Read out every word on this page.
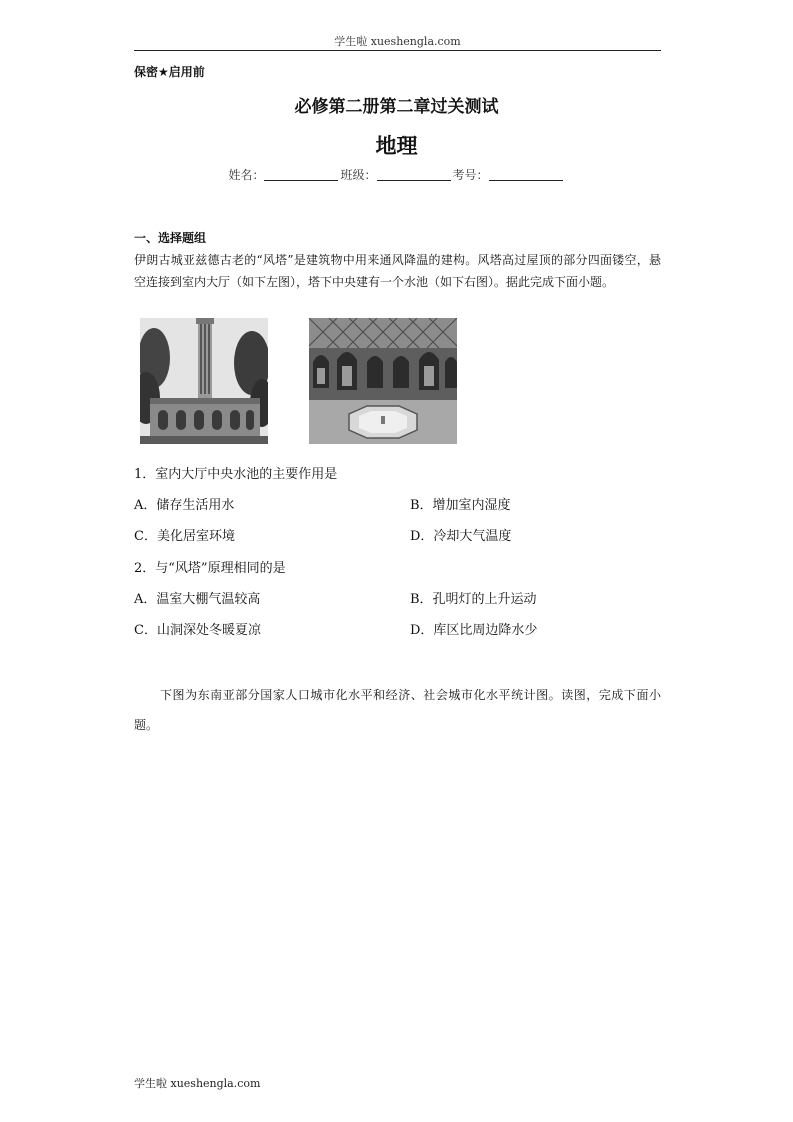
学生啦 xueshengla.com
保密★启用前
必修第二册第二章过关测试
地理
姓名：	班级：	考号：
一、选择题组
伊朗古城亚兹德古老的“风塔”是建筑物中用来通风降温的建构。风塔高过屋顶的部分四面镂空，悬空连接到室内大厅（如下左图），塔下中央建有一个水池（如下右图）。据此完成下面小题。
1．室内大厅中央水池的主要作用是
A．储存生活用水	B．增加室内湿度
C．美化居室环境	D．冷却大气温度
2．与“风塔”原理相同的是
A．温室大棚气温较高	B．孔明灯的上升运动
C．山洞深处冬暖夏凉	D．库区比周边降水少
下图为东南亚部分国家人口城市化水平和经济、社会城市化水平统计图。读图，完成下面小题。
学生啦 xueshengla.com
